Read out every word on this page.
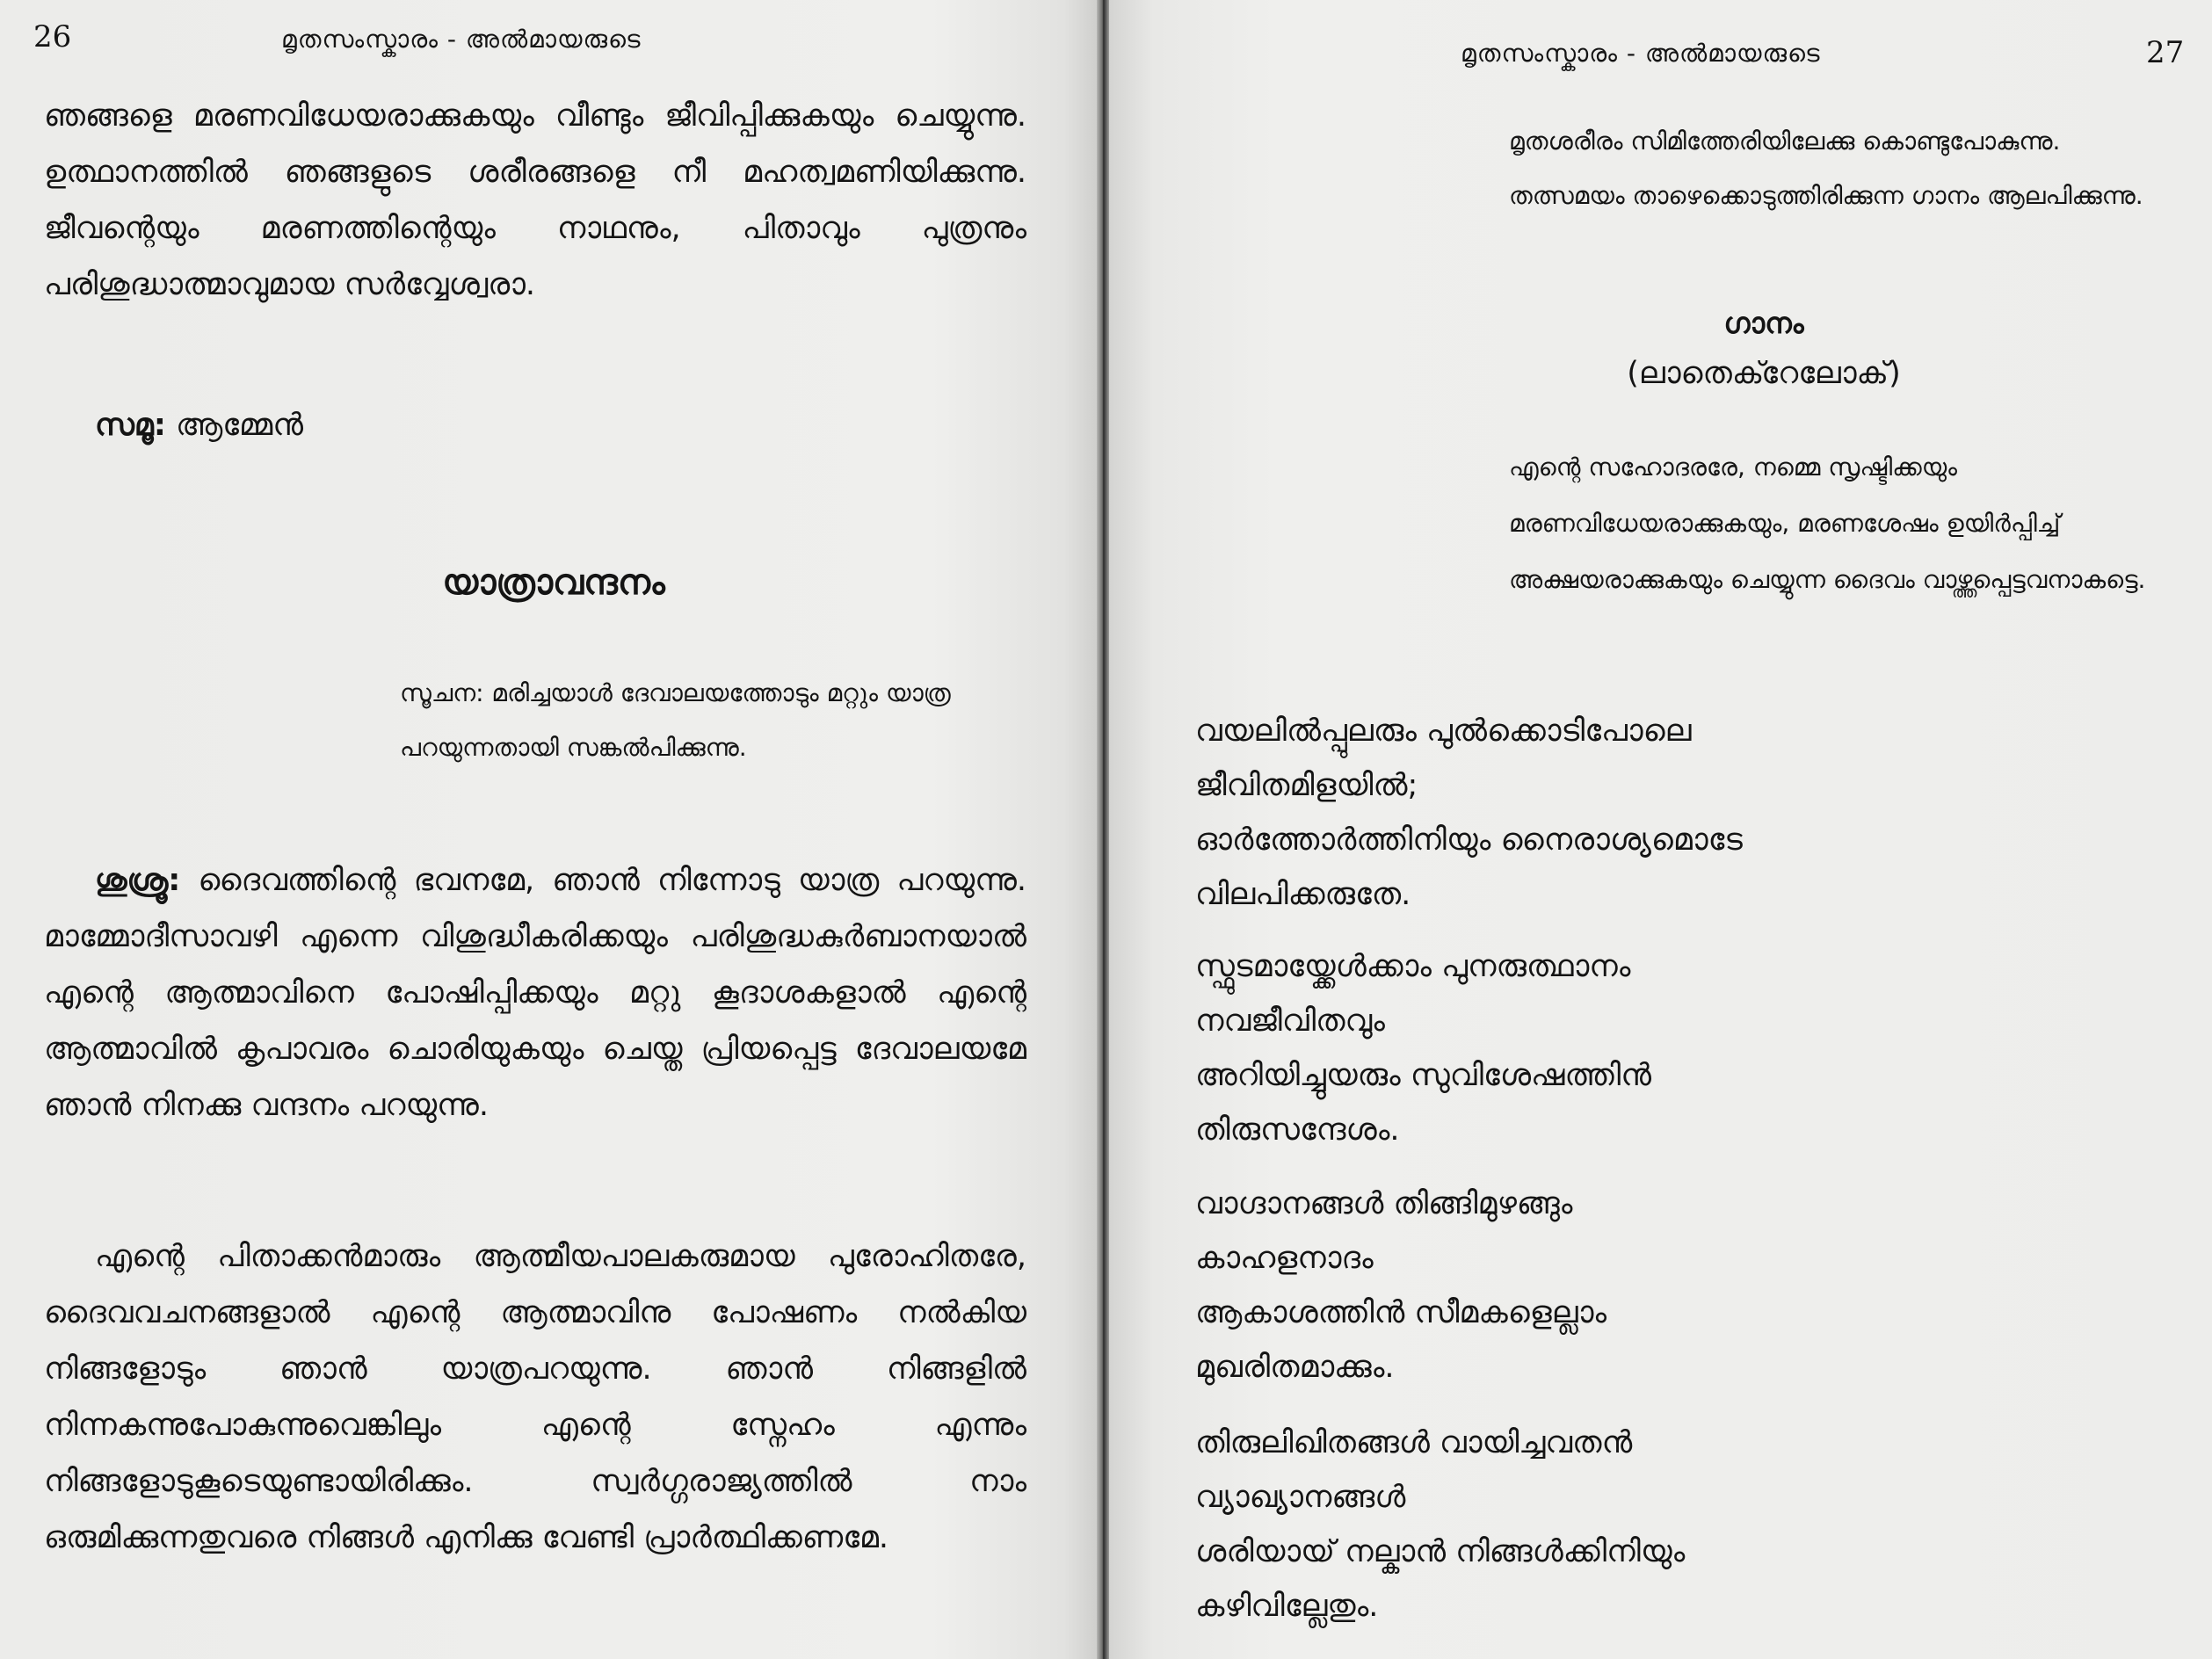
26	മൃതസംസ്കാരം - അൽമായരുടെ
ഞങ്ങളെ മരണവിധേയരാക്കുകയും വീണ്ടും ജീവിപ്പിക്കുകയും ചെയ്യുന്നു. ഉത്ഥാനത്തിൽ ഞങ്ങളുടെ ശരീരങ്ങളെ നീ മഹത്വമണിയിക്കുന്നു. ജീവന്റെയും മരണത്തിന്റെയും നാഥനും, പിതാവും പുത്രനും പരിശുദ്ധാത്മാവുമായ സർവ്വേശ്വരാ.
സമൂ: ആമ്മേൻ
യാത്രാവന്ദനം
സൂചന: മരിച്ചയാൾ ദേവാലയത്തോടും മറ്റും യാത്ര പറയുന്നതായി സങ്കൽപിക്കുന്നു.
ശുശ്രൂ: ദൈവത്തിന്റെ ഭവനമേ, ഞാൻ നിന്നോടു യാത്ര പറയുന്നു. മാമ്മോദീസാവഴി എന്നെ വിശുദ്ധീകരിക്കയും പരിശുദ്ധകുർബാനയാൽ എന്റെ ആത്മാവിനെ പോഷിപ്പിക്കയും മറ്റു കൂദാശകളാൽ എന്റെ ആത്മാവിൽ കൃപാവരം ചൊരിയുകയും ചെയ്ത പ്രിയപ്പെട്ട ദേവാലയമേ ഞാൻ നിനക്കു വന്ദനം പറയുന്നു.
എന്റെ പിതാക്കൻമാരും ആത്മീയപാലകരുമായ പുരോഹിതരേ, ദൈവവചനങ്ങളാൽ എന്റെ ആത്മാവിനു പോഷണം നൽകിയ നിങ്ങളോടും ഞാൻ യാത്രപറയുന്നു. ഞാൻ നിങ്ങളിൽ നിന്നകന്നുപോകുന്നുവെങ്കിലും എന്റെ സ്നേഹം എന്നും നിങ്ങളോടുകൂടെയുണ്ടായിരിക്കും. സ്വർഗ്ഗരാജ്യത്തിൽ നാം ഒരുമിക്കുന്നതുവരെ നിങ്ങൾ എനിക്കു വേണ്ടി പ്രാർത്ഥിക്കണമേ.
മൃതസംസ്കാരം - അൽമായരുടെ	27
മൃതശരീരം സിമിത്തേരിയിലേക്കു കൊണ്ടുപോകുന്നു. തത്സമയം താഴെക്കൊടുത്തിരിക്കുന്ന ഗാനം ആലപിക്കുന്നു.
ഗാനം
(ലാതെക്റേലോക്)
എന്റെ സഹോദരരേ, നമ്മെ സൃഷ്ടിക്കയും മരണവിധേയരാക്കുകയും, മരണശേഷം ഉയിർപ്പിച്ച് അക്ഷയരാക്കുകയും ചെയ്യുന്ന ദൈവം വാഴ്ത്തപ്പെട്ടവനാകട്ടെ.
വയലിൽപ്പുലരും പുൽക്കൊടിപോലെ
ജീവിതമിളയിൽ;
ഓർത്തോർത്തിനിയും നൈരാശ്യമൊടേ
വിലപിക്കരുതേ.
സ്ഫുടമായ്ക്കേൾക്കാം പുനരുത്ഥാനം
നവജീവിതവും
അറിയിച്ചുയരും സുവിശേഷത്തിൻ
തിരുസന്ദേശം.
വാഗ്ദാനങ്ങൾ തിങ്ങിമുഴങ്ങും
കാഹളനാദം
ആകാശത്തിൻ സീമകളെല്ലാം
മുഖരിതമാക്കും.
തിരുലിഖിതങ്ങൾ വായിച്ചവതൻ
വ്യാഖ്യാനങ്ങൾ
ശരിയായ് നല്കാൻ നിങ്ങൾക്കിനിയും
കഴിവില്ലേതും.
